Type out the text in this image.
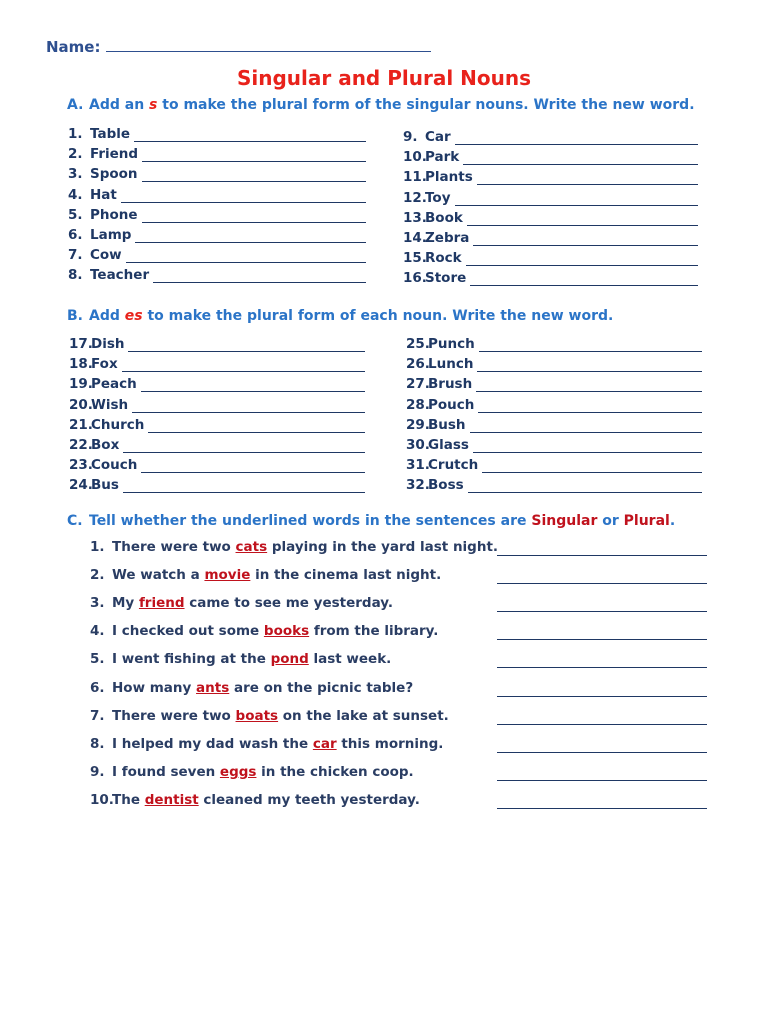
Name:
Singular and Plural Nouns
A. Add an s to make the plural form of the singular nouns. Write the new word.
1. Table
2. Friend
3. Spoon
4. Hat
5. Phone
6. Lamp
7. Cow
8. Teacher
9. Car
10.
Park
11.
Plants
12.
Toy
13.
Book
14.
Zebra
15.
Rock
16.
Store
B. Add es to make the plural form of each noun. Write the new word.
17.
Dish
18.
Fox
19.
Peach
20.
Wish
21.
Church
22.
Box
23.
Couch
24.
Bus
25.
Punch
26.
Lunch
27.
Brush
28.
Pouch
29.
Bush
30.
Glass
31.
Crutch
32.
Boss
C. Tell whether the underlined words in the sentences are Singular or Plural.
1. There were two cats playing in the yard last night.
2. We watch a movie in the cinema last night.
3. My friend came to see me yesterday.
4. I checked out some books from the library.
5. I went fishing at the pond last week.
6. How many ants are on the picnic table?
7. There were two boats on the lake at sunset.
8. I helped my dad wash the car this morning.
9. I found seven eggs in the chicken coop.
10.The dentist cleaned my teeth yesterday.
